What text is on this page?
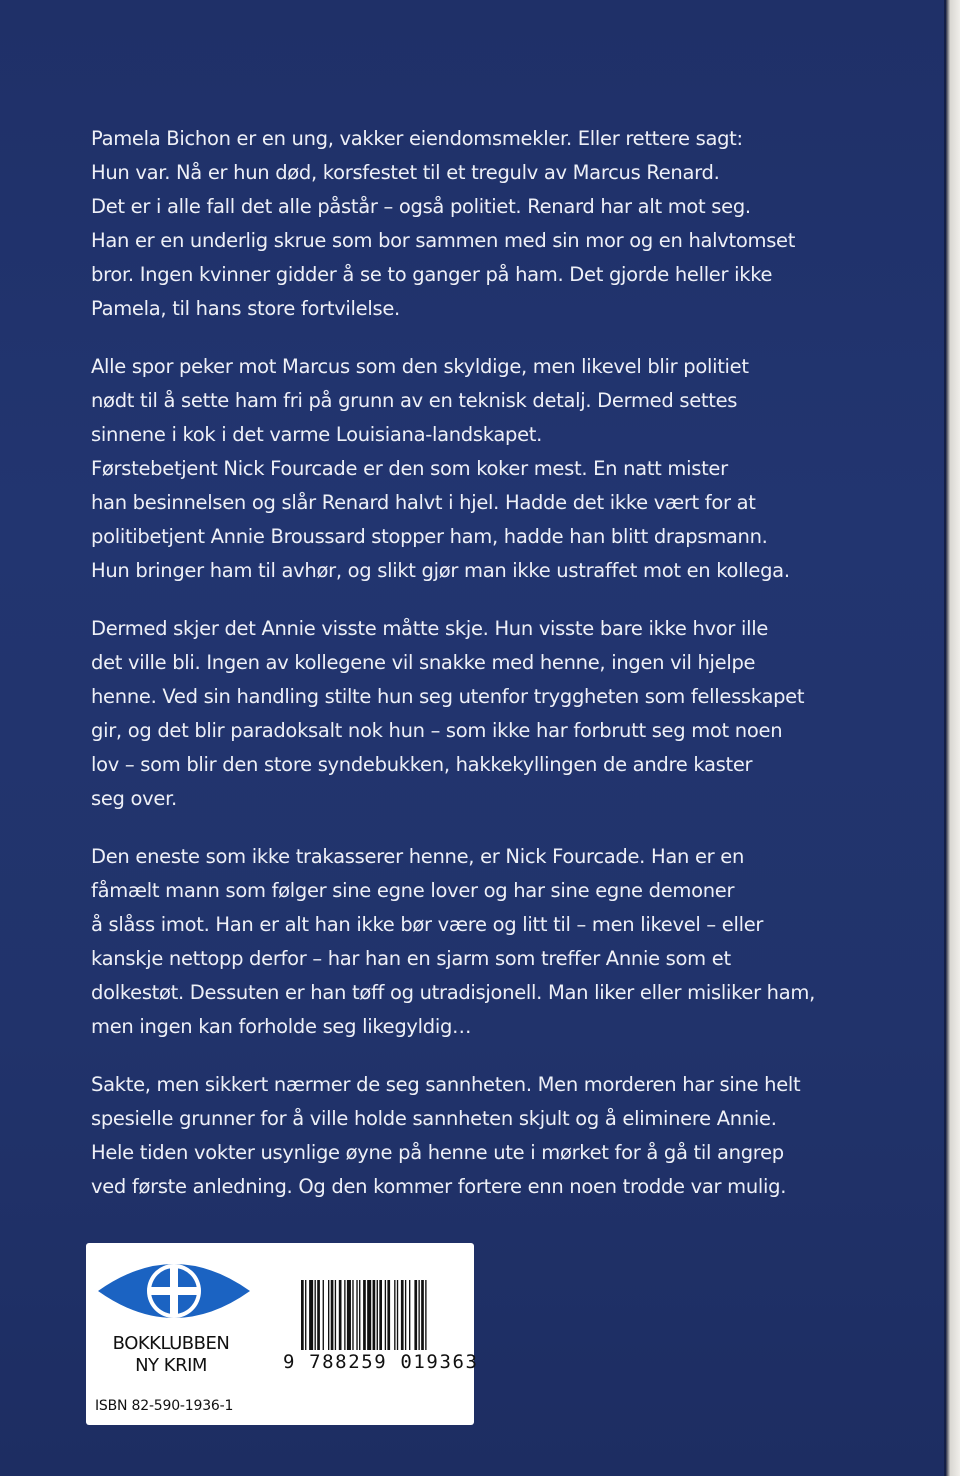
Pamela Bichon er en ung, vakker eiendomsmekler. Eller rettere sagt:
Hun var. Nå er hun død, korsfestet til et tregulv av Marcus Renard.
Det er i alle fall det alle påstår – også politiet. Renard har alt mot seg.
Han er en underlig skrue som bor sammen med sin mor og en halvtomset
bror. Ingen kvinner gidder å se to ganger på ham. Det gjorde heller ikke
Pamela, til hans store fortvilelse.
Alle spor peker mot Marcus som den skyldige, men likevel blir politiet
nødt til å sette ham fri på grunn av en teknisk detalj. Dermed settes
sinnene i kok i det varme Louisiana-landskapet.
Førstebetjent Nick Fourcade er den som koker mest. En natt mister
han besinnelsen og slår Renard halvt i hjel. Hadde det ikke vært for at
politibetjent Annie Broussard stopper ham, hadde han blitt drapsmann.
Hun bringer ham til avhør, og slikt gjør man ikke ustraffet mot en kollega.
Dermed skjer det Annie visste måtte skje. Hun visste bare ikke hvor ille
det ville bli. Ingen av kollegene vil snakke med henne, ingen vil hjelpe
henne. Ved sin handling stilte hun seg utenfor tryggheten som fellesskapet
gir, og det blir paradoksalt nok hun – som ikke har forbrutt seg mot noen
lov – som blir den store syndebukken, hakkekyllingen de andre kaster
seg over.
Den eneste som ikke trakasserer henne, er Nick Fourcade. Han er en
fåmælt mann som følger sine egne lover og har sine egne demoner
å slåss imot. Han er alt han ikke bør være og litt til – men likevel – eller
kanskje nettopp derfor – har han en sjarm som treffer Annie som et
dolkestøt. Dessuten er han tøff og utradisjonell. Man liker eller misliker ham,
men ingen kan forholde seg likegyldig…
Sakte, men sikkert nærmer de seg sannheten. Men morderen har sine helt
spesielle grunner for å ville holde sannheten skjult og å eliminere Annie.
Hele tiden vokter usynlige øyne på henne ute i mørket for å gå til angrep
ved første anledning. Og den kommer fortere enn noen trodde var mulig.
BOKKLUBBEN
NY KRIM
ISBN 82-590-1936-1
9 788259 019363
